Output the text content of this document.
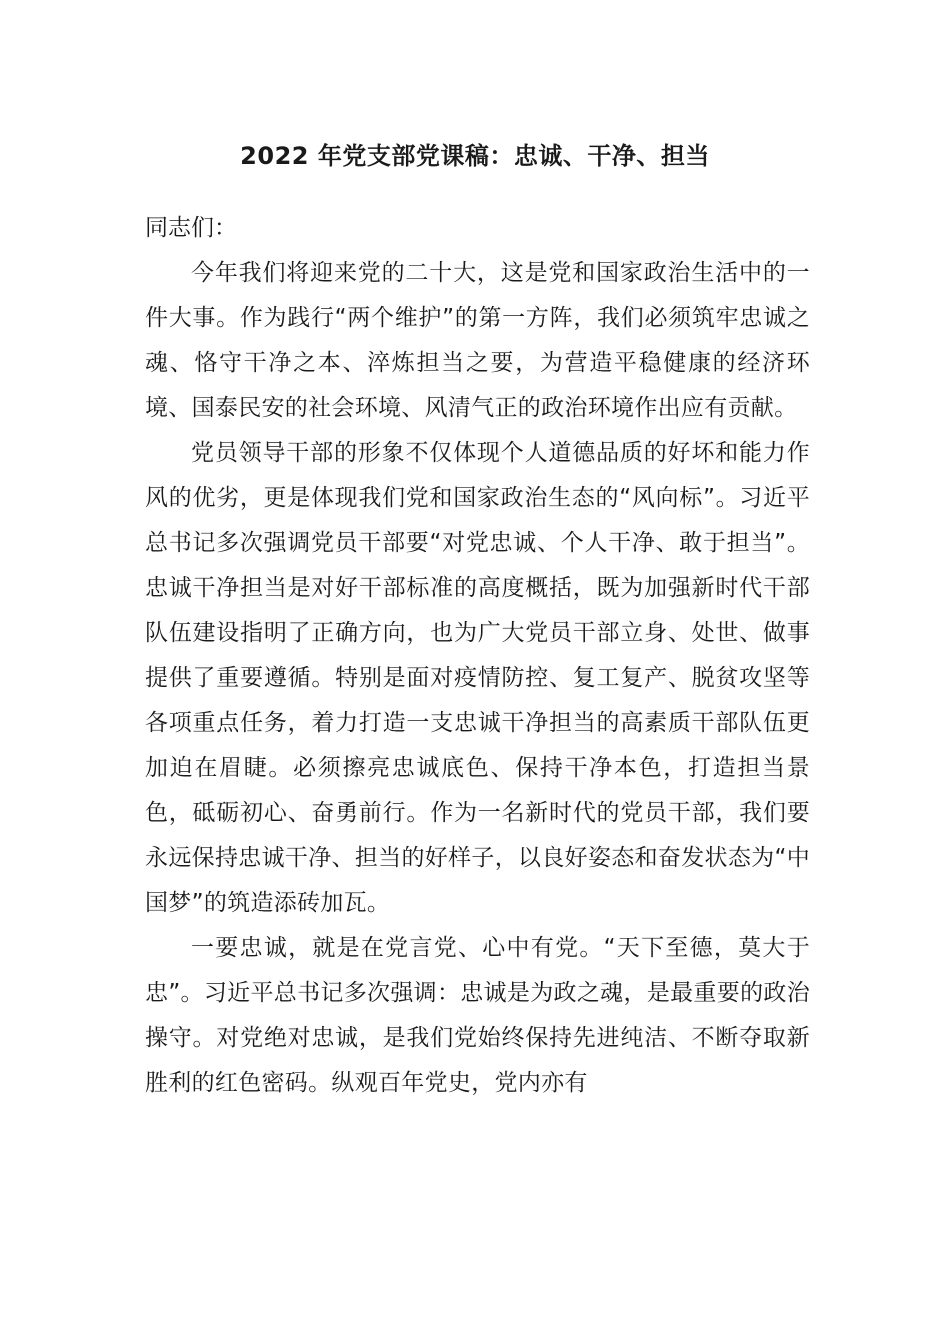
2022 年党支部党课稿：忠诚、干净、担当

同志们：

今年我们将迎来党的二十大，这是党和国家政治生活中的一件大事。作为践行“两个维护”的第一方阵，我们必须筑牢忠诚之魂、恪守干净之本、淬炼担当之要，为营造平稳健康的经济环境、国泰民安的社会环境、风清气正的政治环境作出应有贡献。

党员领导干部的形象不仅体现个人道德品质的好坏和能力作风的优劣，更是体现我们党和国家政治生态的“风向标”。习近平总书记多次强调党员干部要“对党忠诚、个人干净、敢于担当”。忠诚干净担当是对好干部标准的高度概括，既为加强新时代干部队伍建设指明了正确方向，也为广大党员干部立身、处世、做事提供了重要遵循。特别是面对疫情防控、复工复产、脱贫攻坚等各项重点任务，着力打造一支忠诚干净担当的高素质干部队伍更加迫在眉睫。必须擦亮忠诚底色、保持干净本色，打造担当景色，砥砺初心、奋勇前行。作为一名新时代的党员干部，我们要永远保持忠诚干净、担当的好样子，以良好姿态和奋发状态为“中国梦”的筑造添砖加瓦。

一要忠诚，就是在党言党、心中有党。“天下至德，莫大于忠”。习近平总书记多次强调：忠诚是为政之魂，是最重要的政治操守。对党绝对忠诚，是我们党始终保持先进纯洁、不断夺取新胜利的红色密码。纵观百年党史，党内亦有
